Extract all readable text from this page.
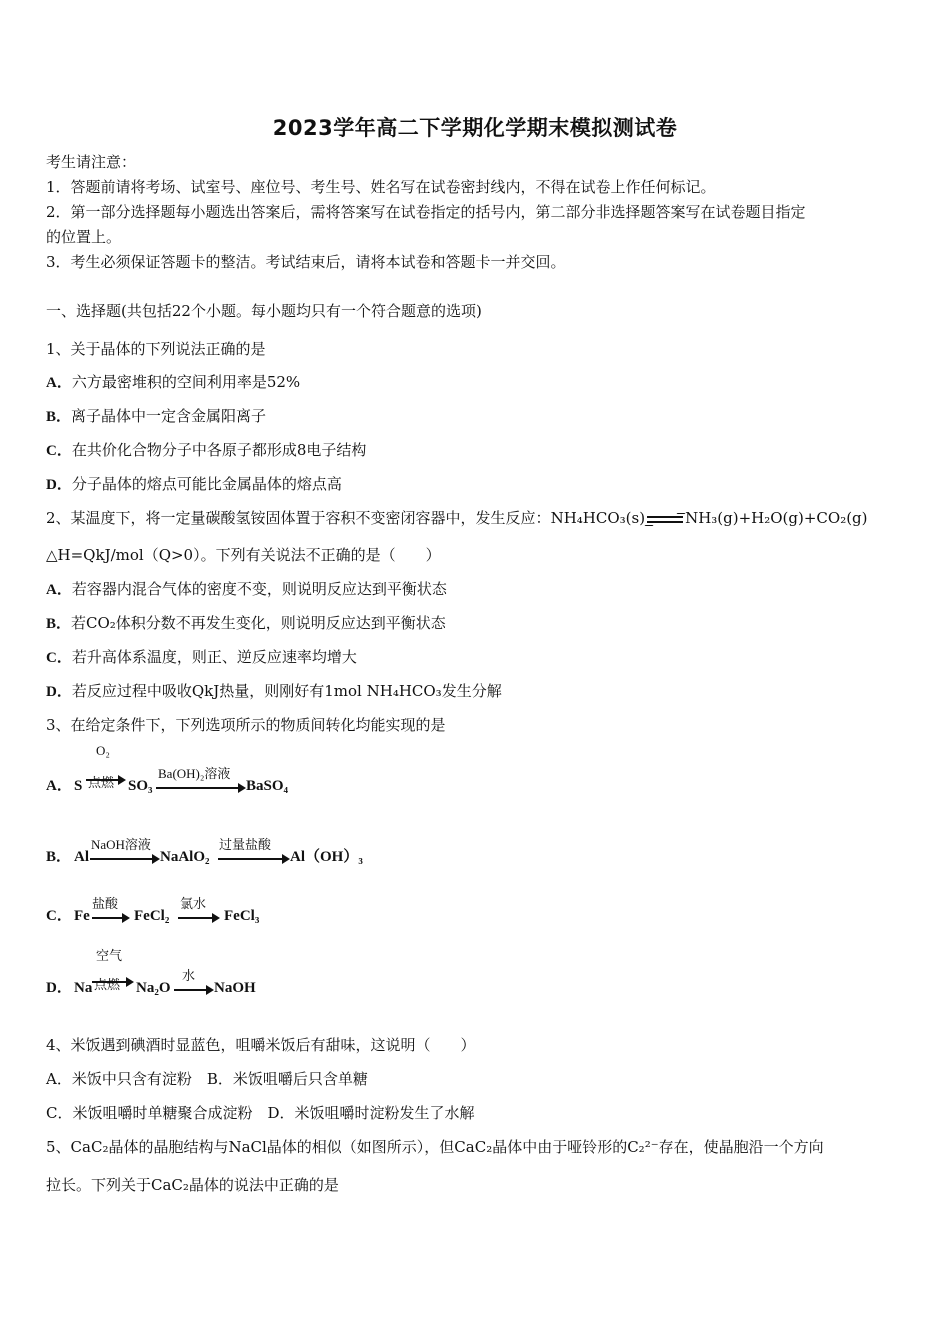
2023学年高二下学期化学期末模拟测试卷
考生请注意：
1．答题前请将考场、试室号、座位号、考生号、姓名写在试卷密封线内，不得在试卷上作任何标记。
2．第一部分选择题每小题选出答案后，需将答案写在试卷指定的括号内，第二部分非选择题答案写在试卷题目指定
的位置上。
3．考生必须保证答题卡的整洁。考试结束后，请将本试卷和答题卡一并交回。
一、选择题(共包括22个小题。每小题均只有一个符合题意的选项)
1、关于晶体的下列说法正确的是
A．六方最密堆积的空间利用率是52%
B．离子晶体中一定含金属阳离子
C．在共价化合物分子中各原子都形成8电子结构
D．分子晶体的熔点可能比金属晶体的熔点高
2、某温度下，将一定量碳酸氢铵固体置于容积不变密闭容器中，发生反应：NH₄HCO₃(s) → NH₃(g)+H₂O(g)+CO₂(g)
△H=QkJ/mol（Q>0）。下列有关说法不正确的是（　　）
A．若容器内混合气体的密度不变，则说明反应达到平衡状态
B．若CO₂体积分数不再发生变化，则说明反应达到平衡状态
C．若升高体系温度，则正、逆反应速率均增大
D．若反应过程中吸收QkJ热量，则刚好有1mol NH₄HCO₃发生分解
3、在给定条件下，下列选项所示的物质间转化均能实现的是
A． S
O₂
点燃 SO₃
Ba(OH)₂溶液
BaSO₄
B． Al
NaOH溶液
NaAlO₂
过量盐酸
Al（OH）₃
C． Fe
盐酸
→ FeCl₂
氯水
→ FeCl₃
D． Na
空气
点燃 Na₂O
水
→ NaOH
4、米饭遇到碘酒时显蓝色，咀嚼米饭后有甜味，这说明（　　）
A．米饭中只含有淀粉　B．米饭咀嚼后只含单糖
C．米饭咀嚼时单糖聚合成淀粉　D．米饭咀嚼时淀粉发生了水解
5、CaC₂晶体的晶胞结构与NaCl晶体的相似（如图所示），但CaC₂晶体中由于哑铃形的C₂²⁻存在，使晶胞沿一个方向
拉长。下列关于CaC₂晶体的说法中正确的是
